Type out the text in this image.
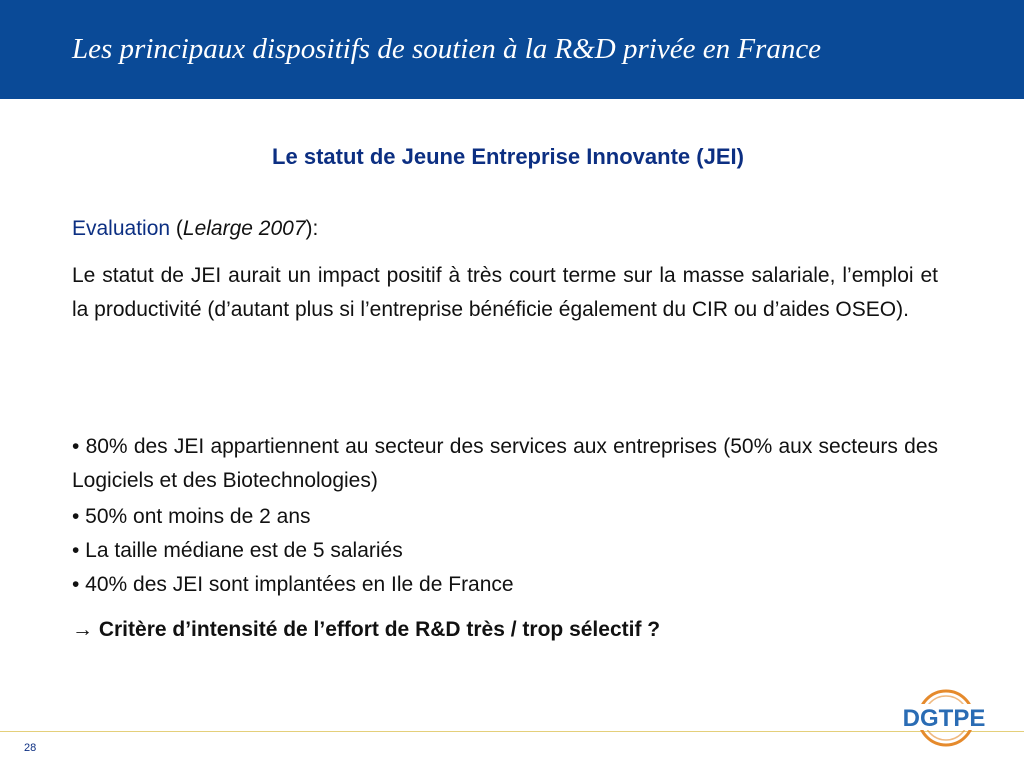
Les principaux dispositifs de soutien à la R&D privée en France
Le statut de Jeune Entreprise Innovante (JEI)
Evaluation (Lelarge 2007):

Le statut de JEI aurait un impact positif à très court terme sur la masse salariale, l’emploi et la productivité (d’autant plus si l’entreprise bénéficie également du CIR ou d’aides OSEO).

• 80% des JEI appartiennent au secteur des services aux entreprises (50% aux secteurs des Logiciels et des Biotechnologies)

• 50% ont moins de 2 ans
• La taille médiane est de 5 salariés
• 40% des JEI sont implantées en Ile de France
→ Critère d’intensité de l’effort de R&D très / trop sélectif ?
28
DGTPE
